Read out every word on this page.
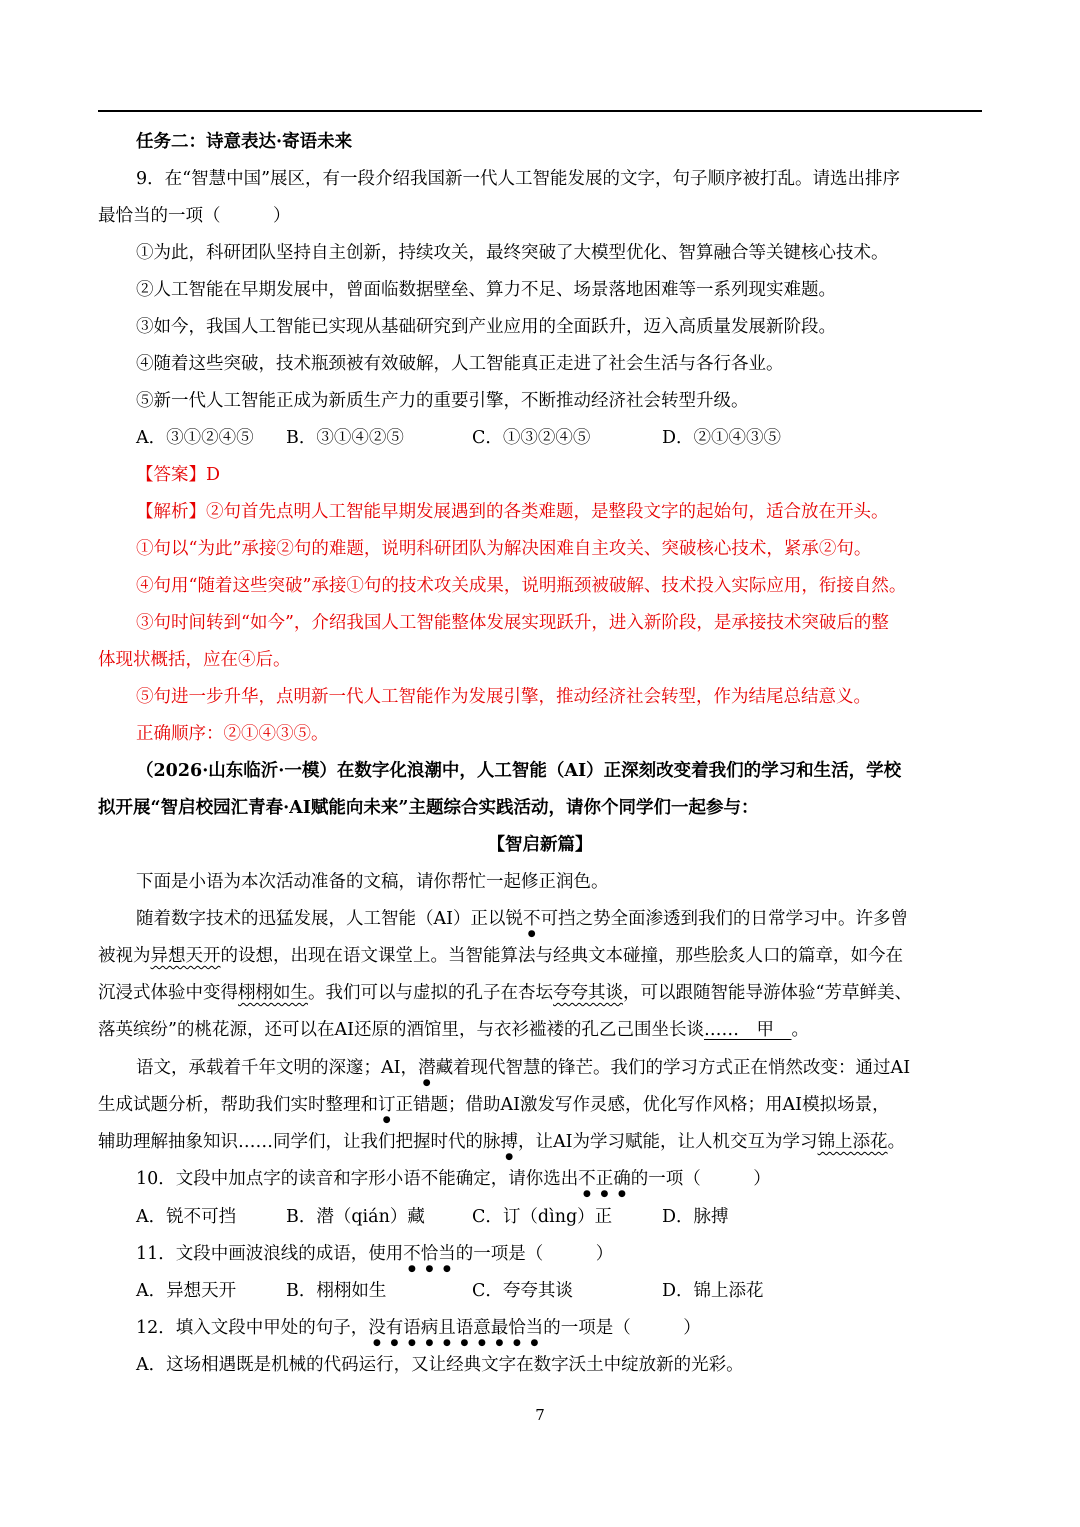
任务二：诗意表达·寄语未来
9．在“智慧中国”展区，有一段介绍我国新一代人工智能发展的文字，句子顺序被打乱。请选出排序
最恰当的一项（　　　）
①为此，科研团队坚持自主创新，持续攻关，最终突破了大模型优化、智算融合等关键核心技术。
②人工智能在早期发展中，曾面临数据壁垒、算力不足、场景落地困难等一系列现实难题。
③如今，我国人工智能已实现从基础研究到产业应用的全面跃升，迈入高质量发展新阶段。
④随着这些突破，技术瓶颈被有效破解，人工智能真正走进了社会生活与各行各业。
⑤新一代人工智能正成为新质生产力的重要引擎，不断推动经济社会转型升级。
A．③①②④⑤ B．③①④②⑤	C．①③②④⑤	D．②①④③⑤
【答案】D
【解析】②句首先点明人工智能早期发展遇到的各类难题，是整段文字的起始句，适合放在开头。
①句以“为此”承接②句的难题，说明科研团队为解决困难自主攻关、突破核心技术，紧承②句。
④句用“随着这些突破”承接①句的技术攻关成果，说明瓶颈被破解、技术投入实际应用，衔接自然。
③句时间转到“如今”，介绍我国人工智能整体发展实现跃升，进入新阶段，是承接技术突破后的整
体现状概括，应在④后。
⑤句进一步升华，点明新一代人工智能作为发展引擎，推动经济社会转型，作为结尾总结意义。
正确顺序：②①④③⑤。
（2026·山东临沂·一模）在数字化浪潮中，人工智能（AI）正深刻改变着我们的学习和生活，学校
拟开展“智启校园汇青春·AI赋能向未来”主题综合实践活动，请你个同学们一起参与：
【智启新篇】
下面是小语为本次活动准备的文稿，请你帮忙一起修正润色。
随着数字技术的迅猛发展，人工智能（AI）正以锐不可挡之势全面渗透到我们的日常学习中。许多曾
被视为异想天开的设想，出现在语文课堂上。当智能算法与经典文本碰撞，那些脍炙人口的篇章，如今在
沉浸式体验中变得栩栩如生。我们可以与虚拟的孔子在杏坛夸夸其谈，可以跟随智能导游体验“芳草鲜美、
落英缤纷”的桃花源，还可以在AI还原的酒馆里，与衣衫褴褛的孔乙己围坐长谈……　甲　。
语文，承载着千年文明的深邃；AI，潜藏着现代智慧的锋芒。我们的学习方式正在悄然改变：通过AI
生成试题分析，帮助我们实时整理和订正错题；借助AI激发写作灵感，优化写作风格；用AI模拟场景，
辅助理解抽象知识……同学们，让我们把握时代的脉搏，让AI为学习赋能，让人机交互为学习锦上添花。
10．文段中加点字的读音和字形小语不能确定，请你选出不正确的一项（　　　）
A．锐不可挡	B．潜（qián）藏	C．订（dìng）正	D．脉搏
11．文段中画波浪线的成语，使用不恰当的一项是（　　　）
A．异想天开	B．栩栩如生	C．夸夸其谈	D．锦上添花
12．填入文段中甲处的句子，没有语病且语意最恰当的一项是（　　　）
A．这场相遇既是机械的代码运行，又让经典文字在数字沃土中绽放新的光彩。
7
